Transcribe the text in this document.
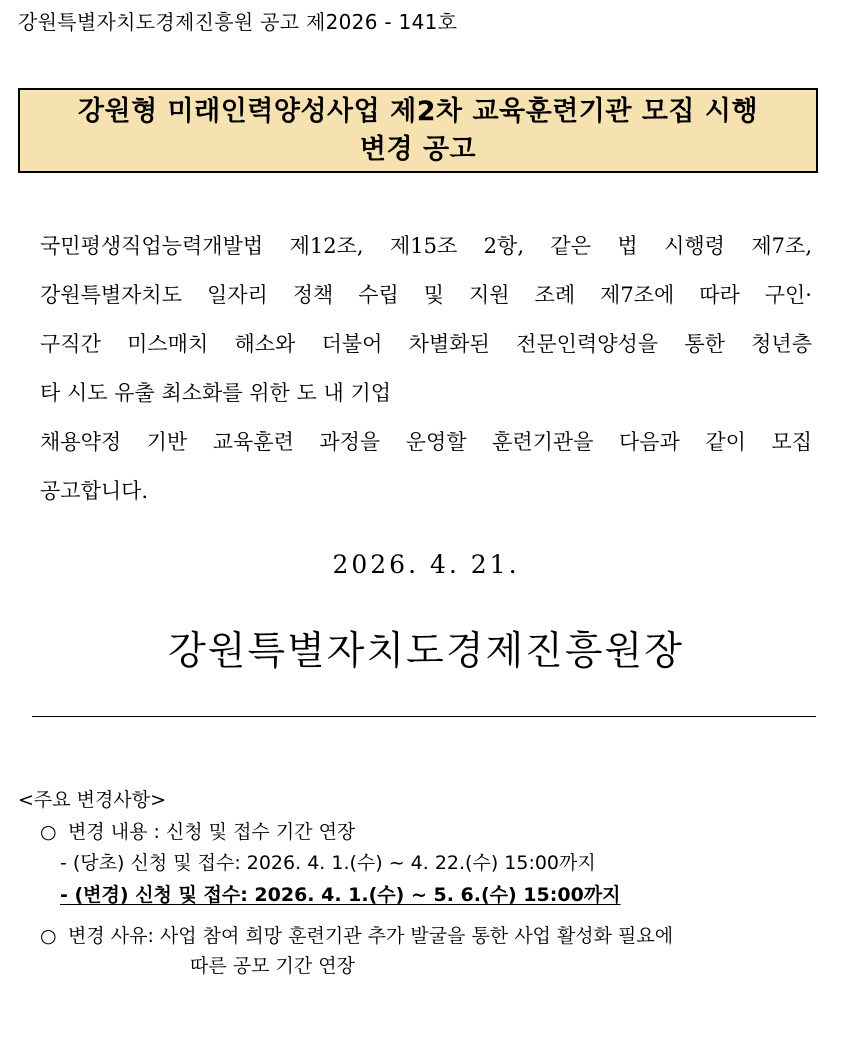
강원특별자치도경제진흥원 공고 제2026 - 141호
강원형 미래인력양성사업 제2차 교육훈련기관 모집 시행
변경 공고
국민평생직업능력개발법 제12조, 제15조 2항, 같은 법 시행령 제7조,
강원특별자치도 일자리 정책 수립 및 지원 조례 제7조에 따라 구인·
구직간 미스매치 해소와 더불어 차별화된 전문인력양성을 통한 청년층
타 시도 유출 최소화를 위한 도 내 기업
채용약정 기반 교육훈련 과정을 운영할 훈련기관을 다음과 같이 모집
공고합니다.
2026. 4. 21.
강원특별자치도경제진흥원장
<주요 변경사항>
○ 변경 내용 : 신청 및 접수 기간 연장
- (당초) 신청 및 접수: 2026. 4. 1.(수) ~ 4. 22.(수) 15:00까지
- (변경) 신청 및 접수: 2026. 4. 1.(수) ~ 5. 6.(수) 15:00까지
○ 변경 사유: 사업 참여 희망 훈련기관 추가 발굴을 통한 사업 활성화 필요에
따른 공모 기간 연장
